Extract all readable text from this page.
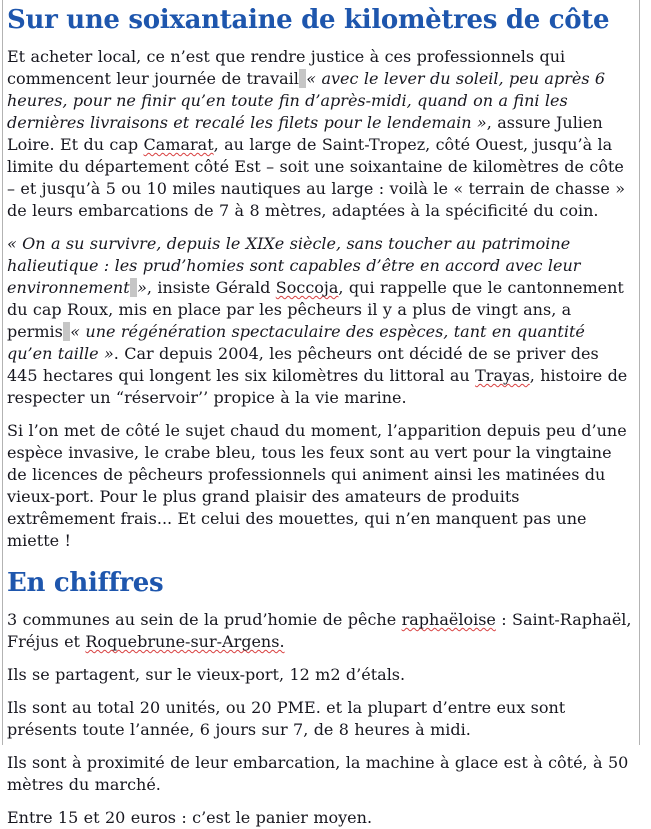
Sur une soixantaine de kilomètres de côte

Et acheter local, ce n’est que rendre justice à ces professionnels qui commencent leur journée de travail « avec le lever du soleil, peu après 6 heures, pour ne finir qu’en toute fin d’après-midi, quand on a fini les dernières livraisons et recalé les filets pour le lendemain », assure Julien Loire. Et du cap Camarat, au large de Saint-Tropez, côté Ouest, jusqu’à la limite du département côté Est – soit une soixantaine de kilomètres de côte – et jusqu’à 5 ou 10 miles nautiques au large : voilà le « terrain de chasse » de leurs embarcations de 7 à 8 mètres, adaptées à la spécificité du coin.

« On a su survivre, depuis le XIXe siècle, sans toucher au patrimoine halieutique : les prud’homies sont capables d’être en accord avec leur environnement », insiste Gérald Soccoja, qui rappelle que le cantonnement du cap Roux, mis en place par les pêcheurs il y a plus de vingt ans, a permis « une régénération spectaculaire des espèces, tant en quantité qu’en taille ». Car depuis 2004, les pêcheurs ont décidé de se priver des 445 hectares qui longent les six kilomètres du littoral au Trayas, histoire de respecter un “réservoir’’ propice à la vie marine.

Si l’on met de côté le sujet chaud du moment, l’apparition depuis peu d’une espèce invasive, le crabe bleu, tous les feux sont au vert pour la vingtaine de licences de pêcheurs professionnels qui animent ainsi les matinées du vieux-port. Pour le plus grand plaisir des amateurs de produits extrêmement frais... Et celui des mouettes, qui n’en manquent pas une miette !

En chiffres

3 communes au sein de la prud’homie de pêche raphaëloise : Saint-Raphaël, Fréjus et Roquebrune-sur-Argens.

Ils se partagent, sur le vieux-port, 12 m2 d’étals.

Ils sont au total 20 unités, ou 20 PME. et la plupart d’entre eux sont présents toute l’année, 6 jours sur 7, de 8 heures à midi.

Ils sont à proximité de leur embarcation, la machine à glace est à côté, à 50 mètres du marché.

Entre 15 et 20 euros : c’est le panier moyen.
